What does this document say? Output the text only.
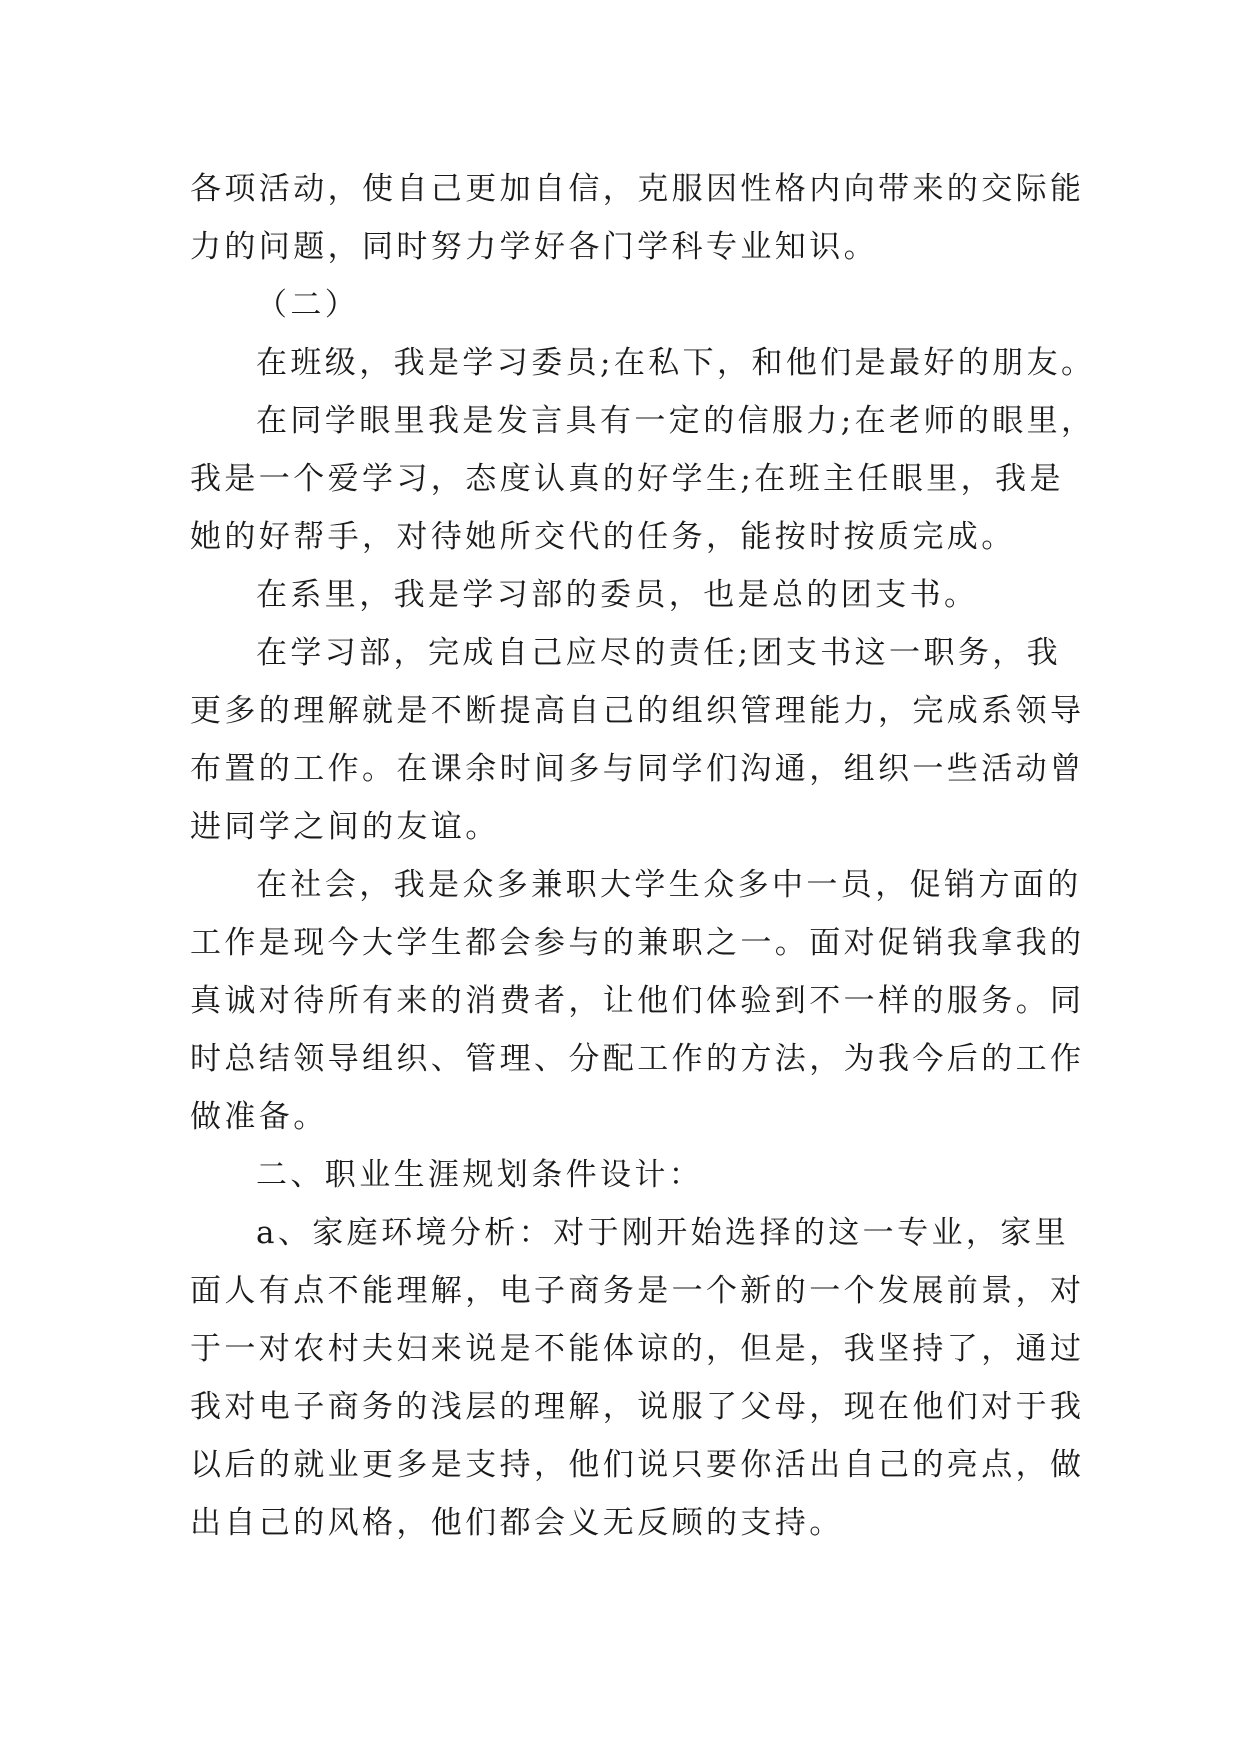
各项活动，使自己更加自信，克服因性格内向带来的交际能
力的问题，同时努力学好各门学科专业知识。
（二）
在班级，我是学习委员;在私下，和他们是最好的朋友。
在同学眼里我是发言具有一定的信服力;在老师的眼里，
我是一个爱学习，态度认真的好学生;在班主任眼里，我是
她的好帮手，对待她所交代的任务，能按时按质完成。
在系里，我是学习部的委员，也是总的团支书。
在学习部，完成自己应尽的责任;团支书这一职务，我
更多的理解就是不断提高自己的组织管理能力，完成系领导
布置的工作。在课余时间多与同学们沟通，组织一些活动曾
进同学之间的友谊。
在社会，我是众多兼职大学生众多中一员，促销方面的
工作是现今大学生都会参与的兼职之一。面对促销我拿我的
真诚对待所有来的消费者，让他们体验到不一样的服务。同
时总结领导组织、管理、分配工作的方法，为我今后的工作
做准备。
二、职业生涯规划条件设计：
a、家庭环境分析：对于刚开始选择的这一专业，家里
面人有点不能理解，电子商务是一个新的一个发展前景，对
于一对农村夫妇来说是不能体谅的，但是，我坚持了，通过
我对电子商务的浅层的理解，说服了父母，现在他们对于我
以后的就业更多是支持，他们说只要你活出自己的亮点，做
出自己的风格，他们都会义无反顾的支持。
